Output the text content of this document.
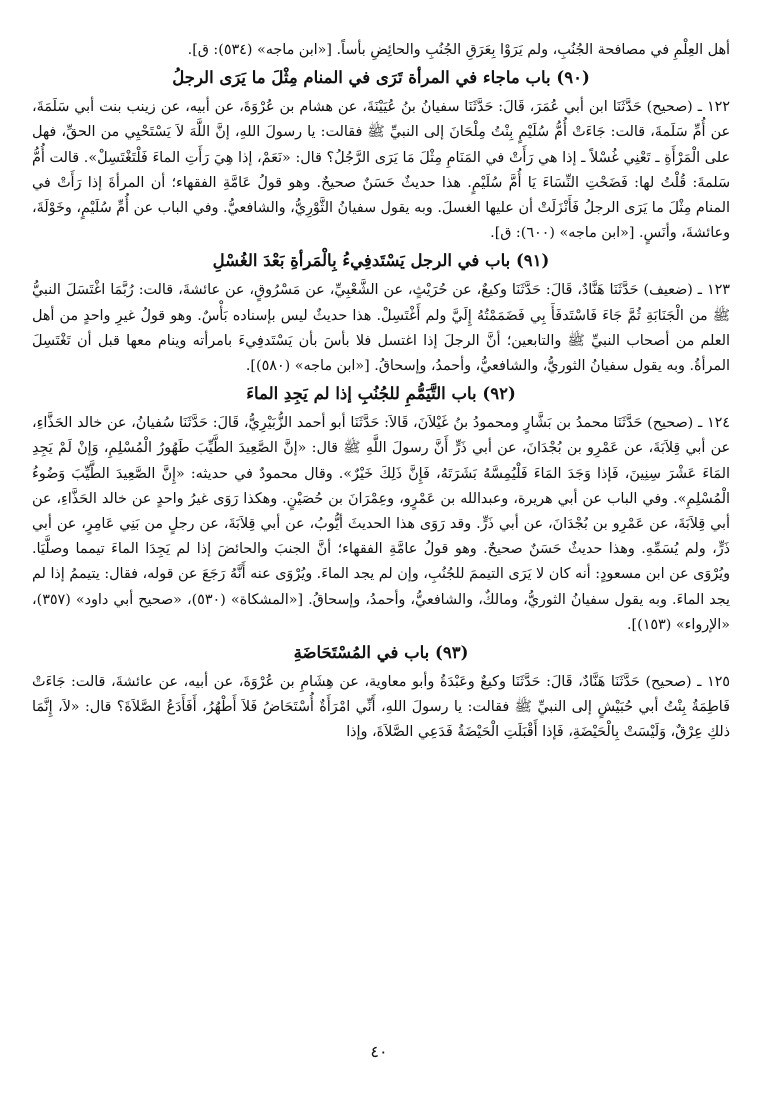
أهل العِلْمِ في مصافحة الجُنُبِ، ولم يَرَوْا بِعَرَقِ الجُنُبِ والحائِضِ بأساً. [«ابن ماجه» (٥٣٤): ق].

(٩٠) باب ماجاء في المرأة تَرَى في المنام مِثْلَ ما يَرَى الرجلُ

١٢٢ ـ (صحيح) حَدَّثَنَا ابن أبي عُمَرَ، قَالَ: حَدَّثَنَا سفيانُ بنُ عُيَيْنَةَ، عن هشام بن عُرْوَةَ، عن أبيه، عن زينب بنت أبي سَلَمَةَ، عن أُمِّ سَلَمةَ، قالت: جَاءَتْ أُمُّ سُلَيْمٍ بِنْتُ مِلْحَانَ إلى النبيِّ ﷺ فقالت: يا رسولَ اللهِ، إنَّ اللَّهَ لاَ يَسْتَحْيِي من الحقِّ، فهل على الْمَرْأَةِ ـ تَعْنِي غُسْلاً ـ إذا هي رَأَتْ في المَنَامِ مِثْلَ مَا يَرَى الرَّجُلُ؟ قال: «نَعَمْ، إذا هِيَ رَأَتِ الماءَ فَلْتَغْتَسِلْ». قالت أُمُّ سَلمةَ: قُلْتُ لها: فَضَحْتِ النِّسَاءَ يَا أُمَّ سُلَيْمٍ. هذا حديثٌ حَسَنٌ صحيحٌ. وهو قولُ عَامَّةِ الفقهاء؛ أن المرأةَ إذا رَأَتْ في المنام مِثْلَ ما يَرَى الرجلُ فَأَنْزَلَتْ أن عليها الغسلَ. وبه يقول سفيانُ الثَّوْرِيُّ، والشافعيُّ. وفي الباب عن أُمِّ سُلَيْمٍ، وخَوْلَةَ، وعائشةَ، وأنَسٍ. [«ابن ماجه» (٦٠٠): ق].

(٩١) باب في الرجل يَسْتَدفِيءُ بِالْمَرأةِ بَعْدَ الغُسْلِ

١٢٣ ـ (ضعيف) حَدَّثَنَا هَنَّادٌ، قَالَ: حَدَّثَنَا وكيعٌ، عن حُرَيْثٍ، عن الشَّعْبِيِّ، عن مَسْرُوقٍ، عن عائشةَ، قالت: رُبَّمَا اغْتَسَلَ النبيُّ ﷺ من الْجَنَابَةِ ثُمَّ جَاءَ فَاسْتَدفَأَ بِي فَضَمَمْتُهُ إِلَيَّ ولم أَغْتَسِلْ. هذا حديثٌ ليس بإسناده بَأْسٌ. وهو قولُ غيرِ واحدٍ من أهل العلم من أصحاب النبيِّ ﷺ والتابعين؛ أنَّ الرجلَ إذا اغتسل فلا بأسَ بأن يَسْتَدفِيءَ بامرأته وينام معها قبل أن تَغْتَسِلَ المرأةُ. وبه يقول سفيانُ الثوريُّ، والشافعيُّ، وأحمدُ، وإسحاقُ. [«ابن ماجه» (٥٨٠)].

(٩٢) باب التَّيَمُّمِ للجُنُبِ إذا لم يَجِدِ الماءَ

١٢٤ ـ (صحيح) حَدَّثَنَا محمدُ بن بَشَّارٍ ومحمودُ بنُ غَيْلاَنَ، قَالاَ: حَدَّثَنَا أبو أحمد الزُّبَيْرِيُّ، قَالَ: حَدَّثَنَا سُفيانُ، عن خالد الحَذَّاءِ، عن أبي قِلاَبَةَ، عن عَمْرِو بن بُجْدَانَ، عن أبي ذَرٍّ أَنَّ رسولَ اللَّهِ ﷺ قال: «إنَّ الصَّعِيدَ الطَّيِّبَ طَهُورُ الْمُسْلِمِ، وَإنْ لَمْ يَجِدِ المَاءَ عَشْرَ سِنِينَ، فَإذا وَجَدَ المَاءَ فَلْيُمِسَّهُ بَشَرَتَهُ، فَإِنَّ ذَلِكَ خَيْرٌ». وقال محمودٌ في حديثه: «إِنَّ الصَّعِيدَ الطَّيِّبَ وَضُوءُ الْمُسْلِمِ». وفي الباب عن أبي هريرة، وعبدالله بن عَمْرٍو، وعِمْرَانَ بن حُصَيْنٍ. وهكذا رَوَى غيرُ واحدٍ عن خالد الحَذَّاءِ، عن أبي قِلاَبَةَ، عن عَمْرِو بن بُجْدَانَ، عن أبي ذَرٍّ. وقد رَوَى هذا الحديثَ أيُّوبُ، عن أبي قِلاَبَةَ، عن رجلٍ من بَنِي عَامِرٍ، عن أبي ذَرٍّ، ولم يُسَمِّهِ. وهذا حديثٌ حَسَنٌ صحيحٌ. وهو قولُ عامَّةِ الفقهاء؛ أنَّ الجنبَ والحائضَ إذا لم يَجِدَا الماءَ تيمما وصلَّيَا. ويُرْوَى عن ابن مسعودٍ: أنه كان لا يَرَى التيممَ للجُنُبِ، وإن لم يجد الماءَ. ويُرْوَى عنه أَنَّهُ رَجَعَ عن قوله، فقال: يتيممُ إذا لم يجد الماءَ. وبه يقول سفيانُ الثوريُّ، ومالكٌ، والشافعيُّ، وأحمدُ، وإسحاقُ. [«المشكاة» (٥٣٠)، «صحيح أبي داود» (٣٥٧)، «الإرواء» (١٥٣)].

(٩٣) باب في المُسْتَحَاضَةِ

١٢٥ ـ (صحيح) حَدَّثَنَا هَنَّادٌ، قَالَ: حَدَّثَنَا وكيعٌ وعَبْدَةُ وأبو معاوية، عن هِشَامِ بن عُرْوَةَ، عن أبيه، عن عائشةَ، قالت: جَاءَتْ فَاطِمَةُ بِنْتُ أبي حُبَيْشٍ إلى النبيِّ ﷺ فقالت: يا رسولَ اللهِ، أَنِّي امْرَأَةٌ أُسْتَحَاضُ فَلاَ أَطْهُرُ، أَفَأَدَعُ الصَّلاَةَ؟ قال: «لاَ، إِنَّمَا ذلكِ عِرْقٌ، وَلَيْسَتْ بِالْحَيْضَةِ، فَإذا أَقْبَلَتِ الْحَيْضَةُ فَدَعِي الصَّلاَةَ، وإذا

٤٠
